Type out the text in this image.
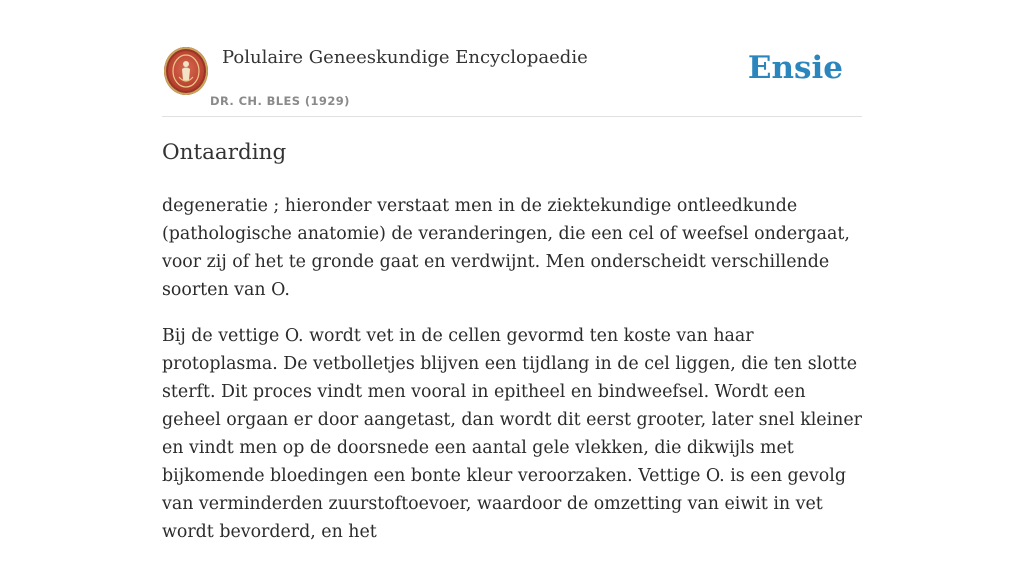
Polulaire Geneeskundige Encyclopaedie
DR. CH. BLES (1929)
Ensie
Ontaarding

degeneratie ; hieronder verstaat men in de ziektekundige ontleedkunde (pathologische anatomie) de veranderingen, die een cel of weefsel ondergaat, voor zij of het te gronde gaat en verdwijnt. Men onderscheidt verschillende soorten van O.

Bij de vettige O. wordt vet in de cellen gevormd ten koste van haar protoplasma. De vetbolletjes blijven een tijdlang in de cel liggen, die ten slotte sterft. Dit proces vindt men vooral in epitheel en bindweefsel. Wordt een geheel orgaan er door aangetast, dan wordt dit eerst grooter, later snel kleiner en vindt men op de doorsnede een aantal gele vlekken, die dikwijls met bijkomende bloedingen een bonte kleur veroorzaken. Vettige O. is een gevolg van verminderden zuurstoftoevoer, waardoor de omzetting van eiwit in vet wordt bevorderd, en het
